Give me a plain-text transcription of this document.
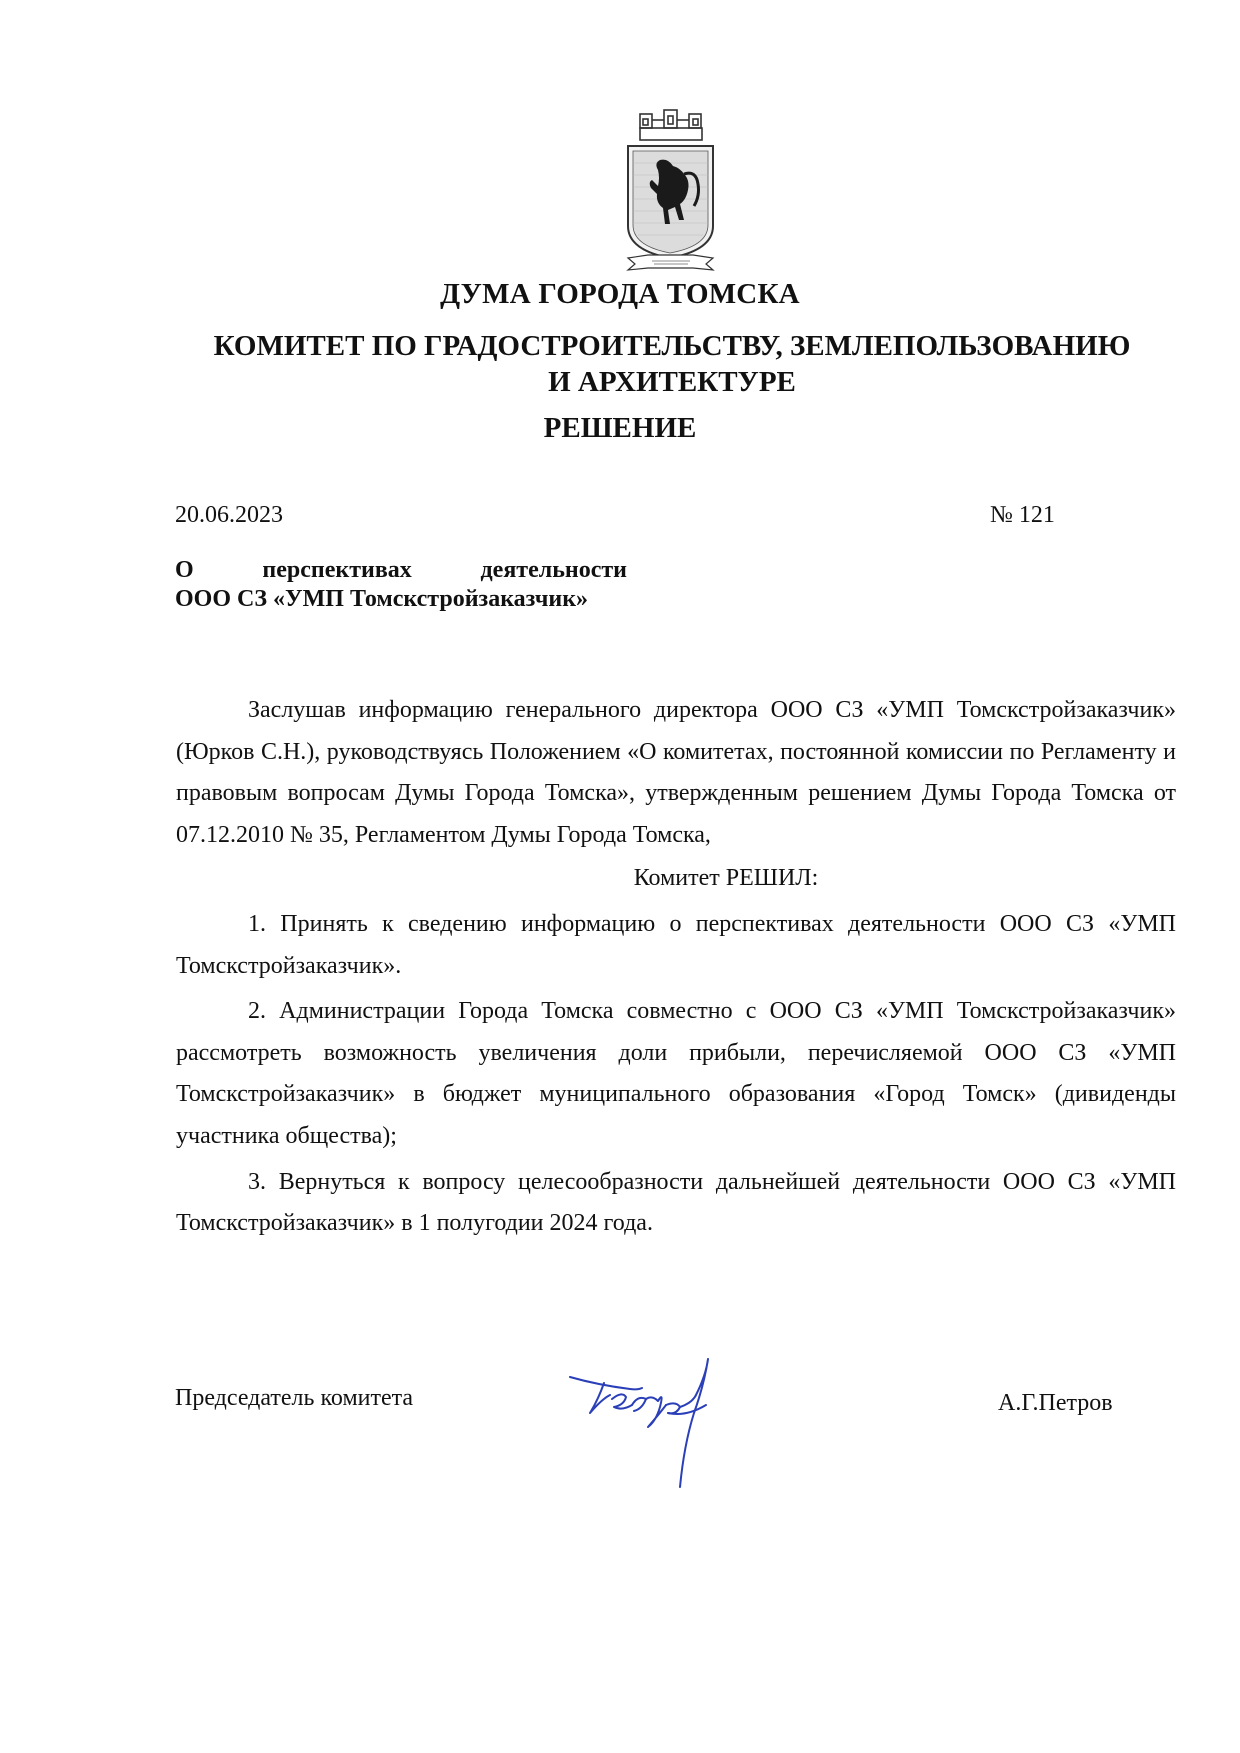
ДУМА ГОРОДА ТОМСКА
КОМИТЕТ ПО ГРАДОСТРОИТЕЛЬСТВУ, ЗЕМЛЕПОЛЬЗОВАНИЮ
И АРХИТЕКТУРЕ
РЕШЕНИЕ
20.06.2023	№ 121
О перспективах деятельности
ООО СЗ «УМП Томскстройзаказчик»

Заслушав информацию генерального директора ООО СЗ «УМП Томскстройзаказчик» (Юрков С.Н.), руководствуясь Положением «О комитетах, постоянной комиссии по Регламенту и правовым вопросам Думы Города Томска», утвержденным решением Думы Города Томска от 07.12.2010 № 35, Регламентом Думы Города Томска,

Комитет РЕШИЛ:

1. Принять к сведению информацию о перспективах деятельности ООО СЗ «УМП Томскстройзаказчик».

2. Администрации Города Томска совместно с ООО СЗ «УМП Томскстройзаказчик» рассмотреть возможность увеличения доли прибыли, перечисляемой ООО СЗ «УМП Томскстройзаказчик» в бюджет муниципального образования «Город Томск» (дивиденды участника общества);

3. Вернуться к вопросу целесообразности дальнейшей деятельности ООО СЗ «УМП Томскстройзаказчик» в 1 полугодии 2024 года.

Председатель комитета	А.Г.Петров
